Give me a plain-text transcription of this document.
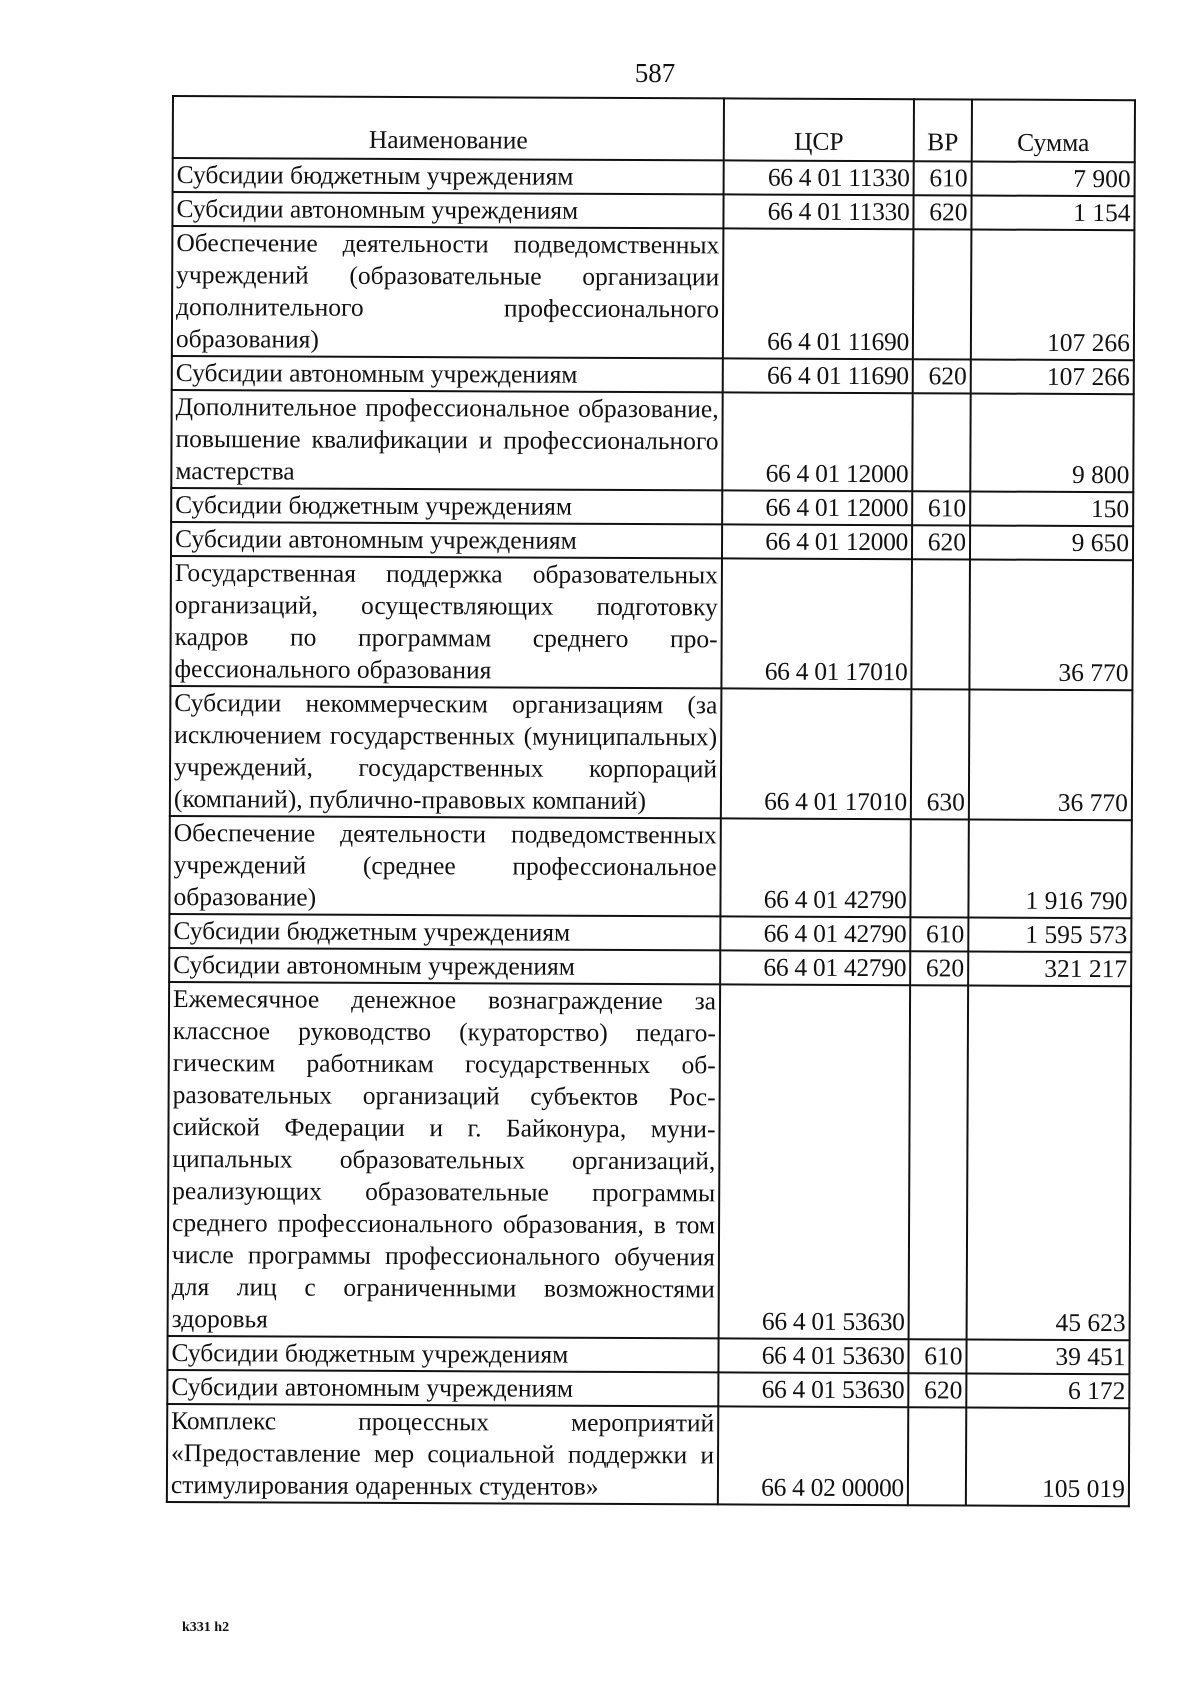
587
Наименование	ЦСР	ВР	Сумма
Субсидии бюджетным учреждениям	66 4 01 11330	610	7 900
Субсидии автономным учреждениям	66 4 01 11330	620	1 154
Обеспечение деятельности подведомственных учреждений (образовательные организации дополнительного профессионального образования)	66 4 01 11690		107 266
Субсидии автономным учреждениям	66 4 01 11690	620	107 266
Дополнительное профессиональное образование, повышение квалификации и профессионального мастерства	66 4 01 12000		9 800
Субсидии бюджетным учреждениям	66 4 01 12000	610	150
Субсидии автономным учреждениям	66 4 01 12000	620	9 650
Государственная поддержка образовательных организаций, осуществляющих подготовку кадров по программам среднего профессионального образования	66 4 01 17010		36 770
Субсидии некоммерческим организациям (за исключением государственных (муниципальных) учреждений, государственных корпораций (компаний), публично-правовых компаний)	66 4 01 17010	630	36 770
Обеспечение деятельности подведомственных учреждений (среднее профессиональное образование)	66 4 01 42790		1 916 790
Субсидии бюджетным учреждениям	66 4 01 42790	610	1 595 573
Субсидии автономным учреждениям	66 4 01 42790	620	321 217
Ежемесячное денежное вознаграждение за классное руководство (кураторство) педагогическим работникам государственных образовательных организаций субъектов Российской Федерации и г. Байконура, муниципальных образовательных организаций, реализующих образовательные программы среднего профессионального образования, в том числе программы профессионального обучения для лиц с ограниченными возможностями здоровья	66 4 01 53630		45 623
Субсидии бюджетным учреждениям	66 4 01 53630	610	39 451
Субсидии автономным учреждениям	66 4 01 53630	620	6 172
Комплекс процессных мероприятий «Предоставление мер социальной поддержки и стимулирования одаренных студентов»	66 4 02 00000		105 019
k331 h2
